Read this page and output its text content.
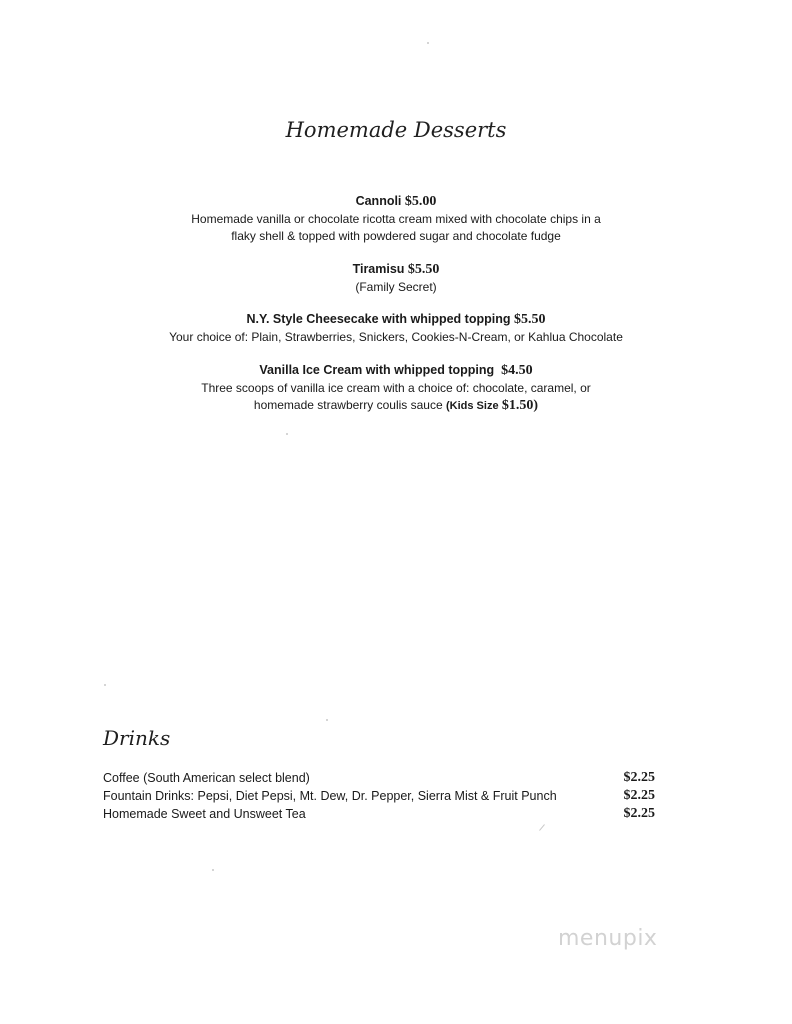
Homemade Desserts

Cannoli $5.00

Homemade vanilla or chocolate ricotta cream mixed with chocolate chips in a

flaky shell & topped with powdered sugar and chocolate fudge

Tiramisu $5.50

(Family Secret)

N.Y. Style Cheesecake with whipped topping $5.50

Your choice of: Plain, Strawberries, Snickers, Cookies-N-Cream, or Kahlua Chocolate

Vanilla Ice Cream with whipped topping $4.50

Three scoops of vanilla ice cream with a choice of: chocolate, caramel, or

homemade strawberry coulis sauce (Kids Size $1.50)

Drinks
Coffee (South American select blend)	$2.25
Fountain Drinks: Pepsi, Diet Pepsi, Mt. Dew, Dr. Pepper, Sierra Mist & Fruit Punch	$2.25
Homemade Sweet and Unsweet Tea	$2.25
menupix
